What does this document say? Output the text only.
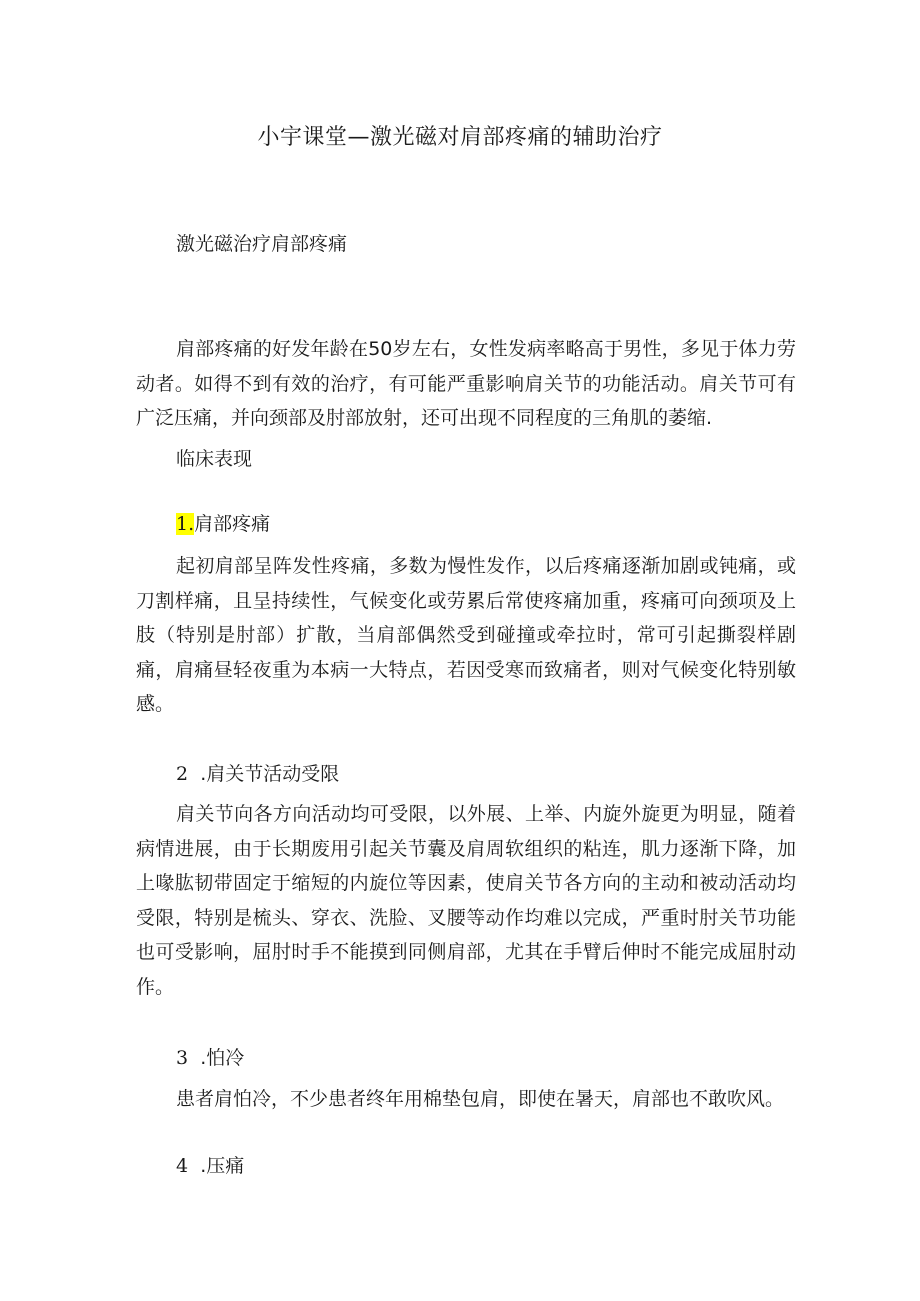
小宇课堂—激光磁对肩部疼痛的辅助治疗

激光磁治疗肩部疼痛

肩部疼痛的好发年龄在50岁左右，女性发病率略高于男性，多见于体力劳动者。如得不到有效的治疗，有可能严重影响肩关节的功能活动。肩关节可有广泛压痛，并向颈部及肘部放射，还可出现不同程度的三角肌的萎缩.

临床表现

1.肩部疼痛

起初肩部呈阵发性疼痛，多数为慢性发作，以后疼痛逐渐加剧或钝痛，或刀割样痛，且呈持续性，气候变化或劳累后常使疼痛加重，疼痛可向颈项及上肢（特别是肘部）扩散，当肩部偶然受到碰撞或牵拉时，常可引起撕裂样剧痛，肩痛昼轻夜重为本病一大特点，若因受寒而致痛者，则对气候变化特别敏感。

2 .肩关节活动受限

肩关节向各方向活动均可受限，以外展、上举、内旋外旋更为明显，随着病情进展，由于长期废用引起关节囊及肩周软组织的粘连，肌力逐渐下降，加上喙肱韧带固定于缩短的内旋位等因素，使肩关节各方向的主动和被动活动均受限，特别是梳头、穿衣、洗脸、叉腰等动作均难以完成，严重时肘关节功能也可受影响，屈肘时手不能摸到同侧肩部，尤其在手臂后伸时不能完成屈肘动作。

3 .怕冷

患者肩怕冷，不少患者终年用棉垫包肩，即使在暑天，肩部也不敢吹风。

4 .压痛
